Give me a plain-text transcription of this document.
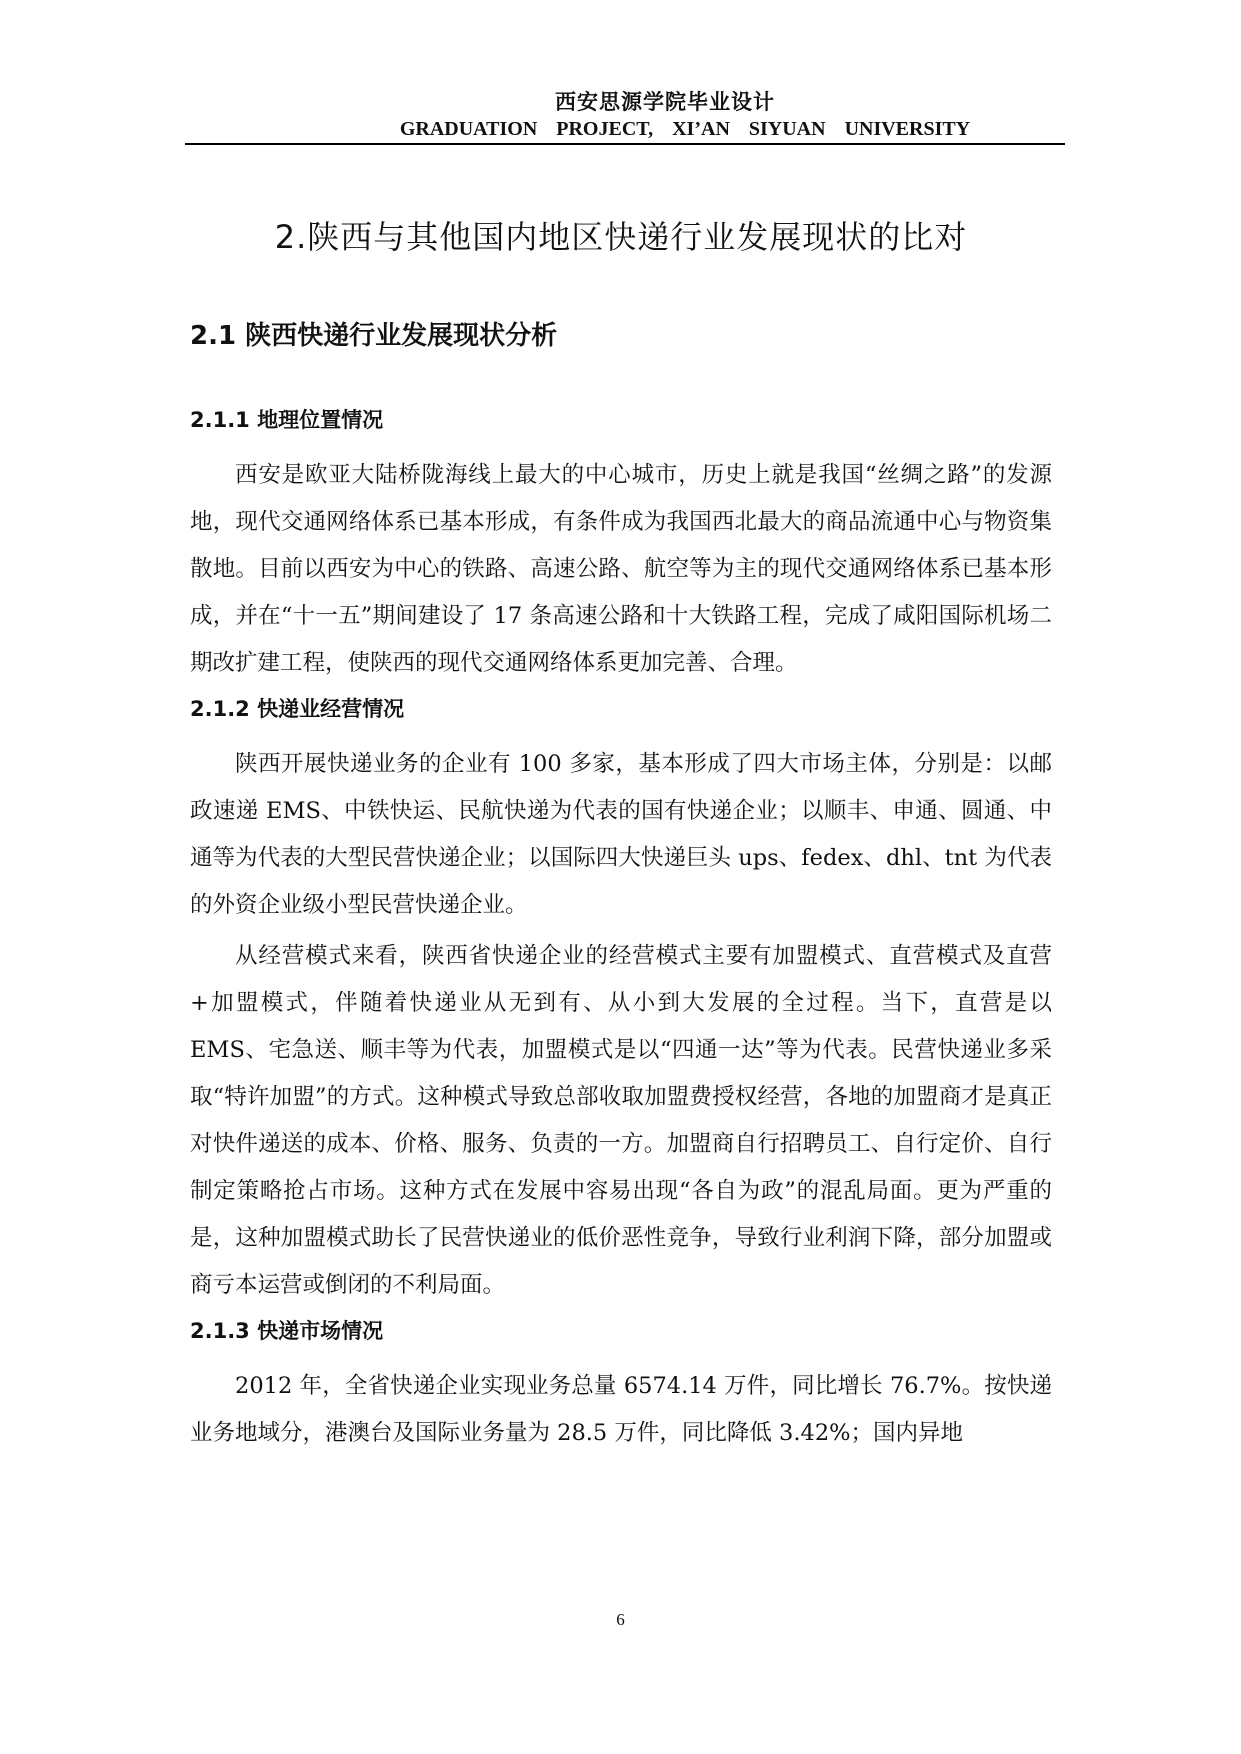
西安思源学院毕业设计
GRADUATION PROJECT, XI’AN SIYUAN UNIVERSITY
2.陕西与其他国内地区快递行业发展现状的比对
2.1 陕西快递行业发展现状分析
2.1.1 地理位置情况

西安是欧亚大陆桥陇海线上最大的中心城市，历史上就是我国“丝绸之路”的发源地，现代交通网络体系已基本形成，有条件成为我国西北最大的商品流通中心与物资集散地。目前以西安为中心的铁路、高速公路、航空等为主的现代交通网络体系已基本形成，并在“十一五”期间建设了 17 条高速公路和十大铁路工程，完成了咸阳国际机场二期改扩建工程，使陕西的现代交通网络体系更加完善、合理。

2.1.2 快递业经营情况

陕西开展快递业务的企业有 100 多家，基本形成了四大市场主体，分别是：以邮政速递 EMS、中铁快运、民航快递为代表的国有快递企业；以顺丰、申通、圆通、中通等为代表的大型民营快递企业；以国际四大快递巨头 ups、fedex、dhl、tnt 为代表的外资企业级小型民营快递企业。

从经营模式来看，陕西省快递企业的经营模式主要有加盟模式、直营模式及直营+加盟模式，伴随着快递业从无到有、从小到大发展的全过程。当下，直营是以 EMS、宅急送、顺丰等为代表，加盟模式是以“四通一达”等为代表。民营快递业多采取“特许加盟”的方式。这种模式导致总部收取加盟费授权经营，各地的加盟商才是真正对快件递送的成本、价格、服务、负责的一方。加盟商自行招聘员工、自行定价、自行制定策略抢占市场。这种方式在发展中容易出现“各自为政”的混乱局面。更为严重的是，这种加盟模式助长了民营快递业的低价恶性竞争，导致行业利润下降，部分加盟或商亏本运营或倒闭的不利局面。

2.1.3 快递市场情况

2012 年，全省快递企业实现业务总量 6574.14 万件，同比增长 76.7%。按快递业务地域分，港澳台及国际业务量为 28.5 万件，同比降低 3.42%；国内异地

6
